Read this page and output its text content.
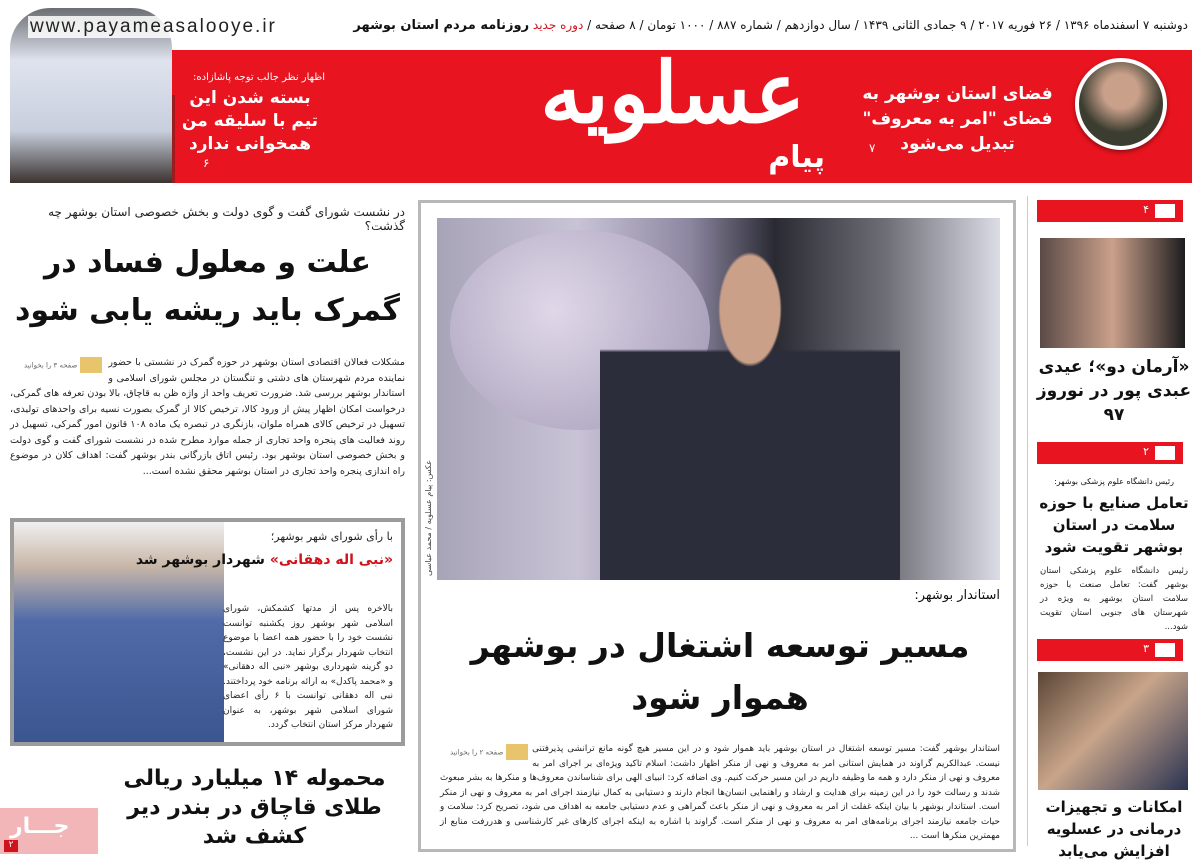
دوشنبه ۷ اسفندماه ۱۳۹۶ / ۲۶ فوریه ۲۰۱۷ / ۹ جمادی الثانی ۱۴۳۹ / سال دوازدهم / شماره ۸۸۷ / ۱۰۰۰ تومان / ۸ صفحه / دوره جدید روزنامه مردم استان بوشهر
www.payameasalooye.ir
اظهار نظر جالب توجه پاشازاده:
بسته شدن این تیم با سلیقه من همخوانی ندارد
۶
عسلویه
پیام
فضای استان بوشهر به فضای "امر به معروف" تبدیل می‌شود
۷
در نشست شورای گفت و گوی دولت و بخش خصوصی استان بوشهر چه گذشت؟
علت و معلول فساد در گمرک باید ریشه یابی شود
صفحه ۳ را بخوانید	مشکلات فعالان اقتصادی استان بوشهر در حوزه گمرک در نشستی با حضور نماینده مردم شهرستان های دشتی و تنگستان در مجلس شورای اسلامی و استاندار بوشهر بررسی شد. ضرورت تعریف واحد از واژه ظن به قاچاق، بالا بودن تعرفه های گمرکی، درخواست امکان اظهار پیش از ورود کالا، ترخیص کالا از گمرک بصورت نسیه برای واحدهای تولیدی، تسهیل در ترخیص کالای همراه ملوان، بازنگری در تبصره یک ماده ۱۰۸ قانون امور گمرکی، تسهیل در روند فعالیت های پنجره واحد تجاری از جمله موارد مطرح شده در نشست شورای گفت و گوی دولت و بخش خصوصی استان بوشهر بود. رئیس اتاق بازرگانی بندر بوشهر گفت: اهداف کلان در موضوع راه اندازی پنجره واحد تجاری در استان بوشهر محقق نشده است...
با رأی شورای شهر بوشهر؛
«نبی اله دهقانی» شهردار بوشهر شد
بالاخره پس از مدتها کشمکش، شورای اسلامی شهر بوشهر روز یکشنبه توانست نشست خود را با حضور همه اعضا با موضوع انتخاب شهردار برگزار نماید. در این نشست، دو گزینه شهرداری بوشهر «نبی اله دهقانی» و «محمد پاکدل» به ارائه برنامه خود پرداختند. نبی اله دهقانی توانست با ۶ رأی اعضای شورای اسلامی شهر بوشهر، به عنوان شهردار مرکز استان انتخاب گردد.
جـــار
۲
محموله ۱۴ میلیارد ریالی طلای قاچاق در بندر دیر کشف شد
عکس: پیام عسلویه / محمد عباسی
استاندار بوشهر:
مسیر توسعه اشتغال در بوشهر هموار شود
صفحه ۲ را بخوانید	استاندار بوشهر گفت: مسیر توسعه اشتغال در استان بوشهر باید هموار شود و در این مسیر هیچ گونه مانع ترانشی پذیرفتنی نیست. عبدالکریم گراوند در همایش استانی امر به معروف و نهی از منکر اظهار داشت: اسلام تاکید ویژه‌ای بر اجرای امر به معروف و نهی از منکر دارد و همه ما وظیفه داریم در این مسیر حرکت کنیم. وی اضافه کرد: انبیای الهی برای شناساندن معروف‌ها و منکرها به بشر مبعوث شدند و رسالت خود را در این زمینه برای هدایت و ارشاد و راهنمایی انسان‌ها انجام دارند و دستیابی به کمال نیازمند اجرای امر به معروف و نهی از منکر است. استاندار بوشهر با بیان اینکه غفلت از امر به معروف و نهی از منکر باعث گمراهی و عدم دستیابی جامعه به اهداف می شود، تصریح کرد: سلامت و حیات جامعه نیازمند اجرای برنامه‌های امر به معروف و نهی از منکر است. گراوند با اشاره به اینکه اجرای کارهای غیر کارشناسی و هدررفت منابع از مهمترین منکرها است ...
۴
«آرمان دو»؛ عیدی عبدی پور در نوروز ۹۷
۲
رئیس دانشگاه علوم پزشکی بوشهر:
تعامل صنایع با حوزه سلامت در استان بوشهر تقویت شود
رئیس دانشگاه علوم پزشکی استان بوشهر گفت: تعامل صنعت با حوزه سلامت استان بوشهر به ویژه در شهرستان های جنوبی استان تقویت شود...
۳
امکانات و تجهیزات درمانی در عسلویه افزایش می‌یابد
